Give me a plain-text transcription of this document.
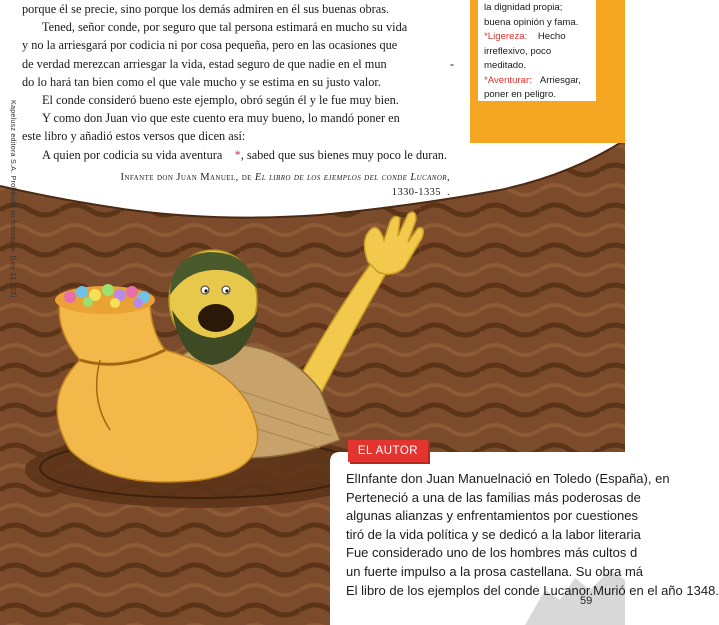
porque él se precie, sino porque los demás admiren en él sus buenas obras.

Tened, señor conde, por seguro que tal persona estimará en mucho su vida

y no la arriesgará por codicia ni por cosa pequeña, pero en las ocasiones que

de verdad merezcan arriesgar la vida, estad seguro de que nadie en el mun	-

do lo hará tan bien como el que vale mucho y se estima en su justo valor.

El conde consideró bueno este ejemplo, obró según él y le fue muy bien.

Y como don Juan vio que este cuento era muy bueno, lo mandó poner en

este libro y añadió estos versos que dicen así:

A quien por codicia su vida aventura *, sabed que sus bienes muy poco le duran.

Infante don Juan Manuel, de El libro de los ejemplos del conde Lucanor,
1330-1335 .
Kapelusz editora S.A. Prohibida su fotocopia. (Ley 11.723)

la dignidad propia;

buena opinión y fama.

*Ligereza: Hecho

irreflexivo, poco

meditado.

*Aventurar: Arriesgar,

poner en peligro.

EL AUTOR

ElInfante don Juan Manuelnació en Toledo (España), en

Perteneció a una de las familias más poderosas de

algunas alianzas y enfrentamientos por cuestiones

tiró de la vida política y se dedicó a la labor literaria

Fue considerado uno de los hombres más cultos d

un fuerte impulso a la prosa castellana. Su obra má

El libro de los ejemplos del conde Lucanor.Murió en el año 1348.

59
